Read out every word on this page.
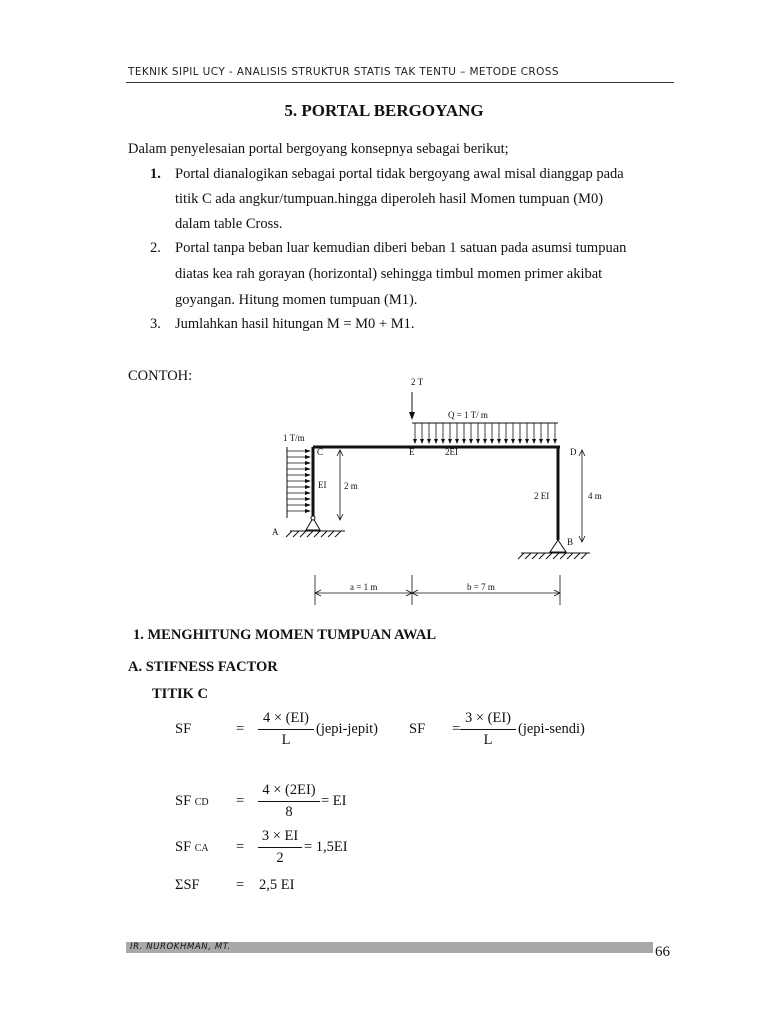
TEKNIK SIPIL UCY - ANALISIS STRUKTUR STATIS TAK TENTU – METODE CROSS
5. PORTAL BERGOYANG
Dalam penyelesaian portal bergoyang konsepnya sebagai berikut;
1. Portal dianalogikan sebagai portal tidak bergoyang awal misal dianggap pada
titik C ada angkur/tumpuan.hingga diperoleh hasil Momen tumpuan (M0)
dalam table Cross.
2. Portal tanpa beban luar kemudian diberi beban 1 satuan pada asumsi tumpuan
diatas kea rah gorayan (horizontal) sehingga timbul momen primer akibat
goyangan. Hitung momen tumpuan (M1).
3. Jumlahkan hasil hitungan M = M0 + M1.
CONTOH:	2 T
Q = 1 T/ m
1 T/m
C	E	2EI	D
EI 2 m
2 EI	4 m
A
B
a = 1 m	b = 7 m
1. MENGHITUNG MOMEN TUMPUAN AWAL
A. STIFNESS FACTOR
TITIK C
SF	= $\frac{4 \times (EI)}{L}$ (jepi-jepit) SF = $\frac{3 \times (EI)}{L}$ (jepi-sendi)
SF CD = $\frac{4 \times (2EI)}{8}$ = EI
SF CA = $\frac{3 \times EI}{2} = 1,5EI$
ΣSF	= 2,5 EI
IR. NUROKHMAN, MT.	66
